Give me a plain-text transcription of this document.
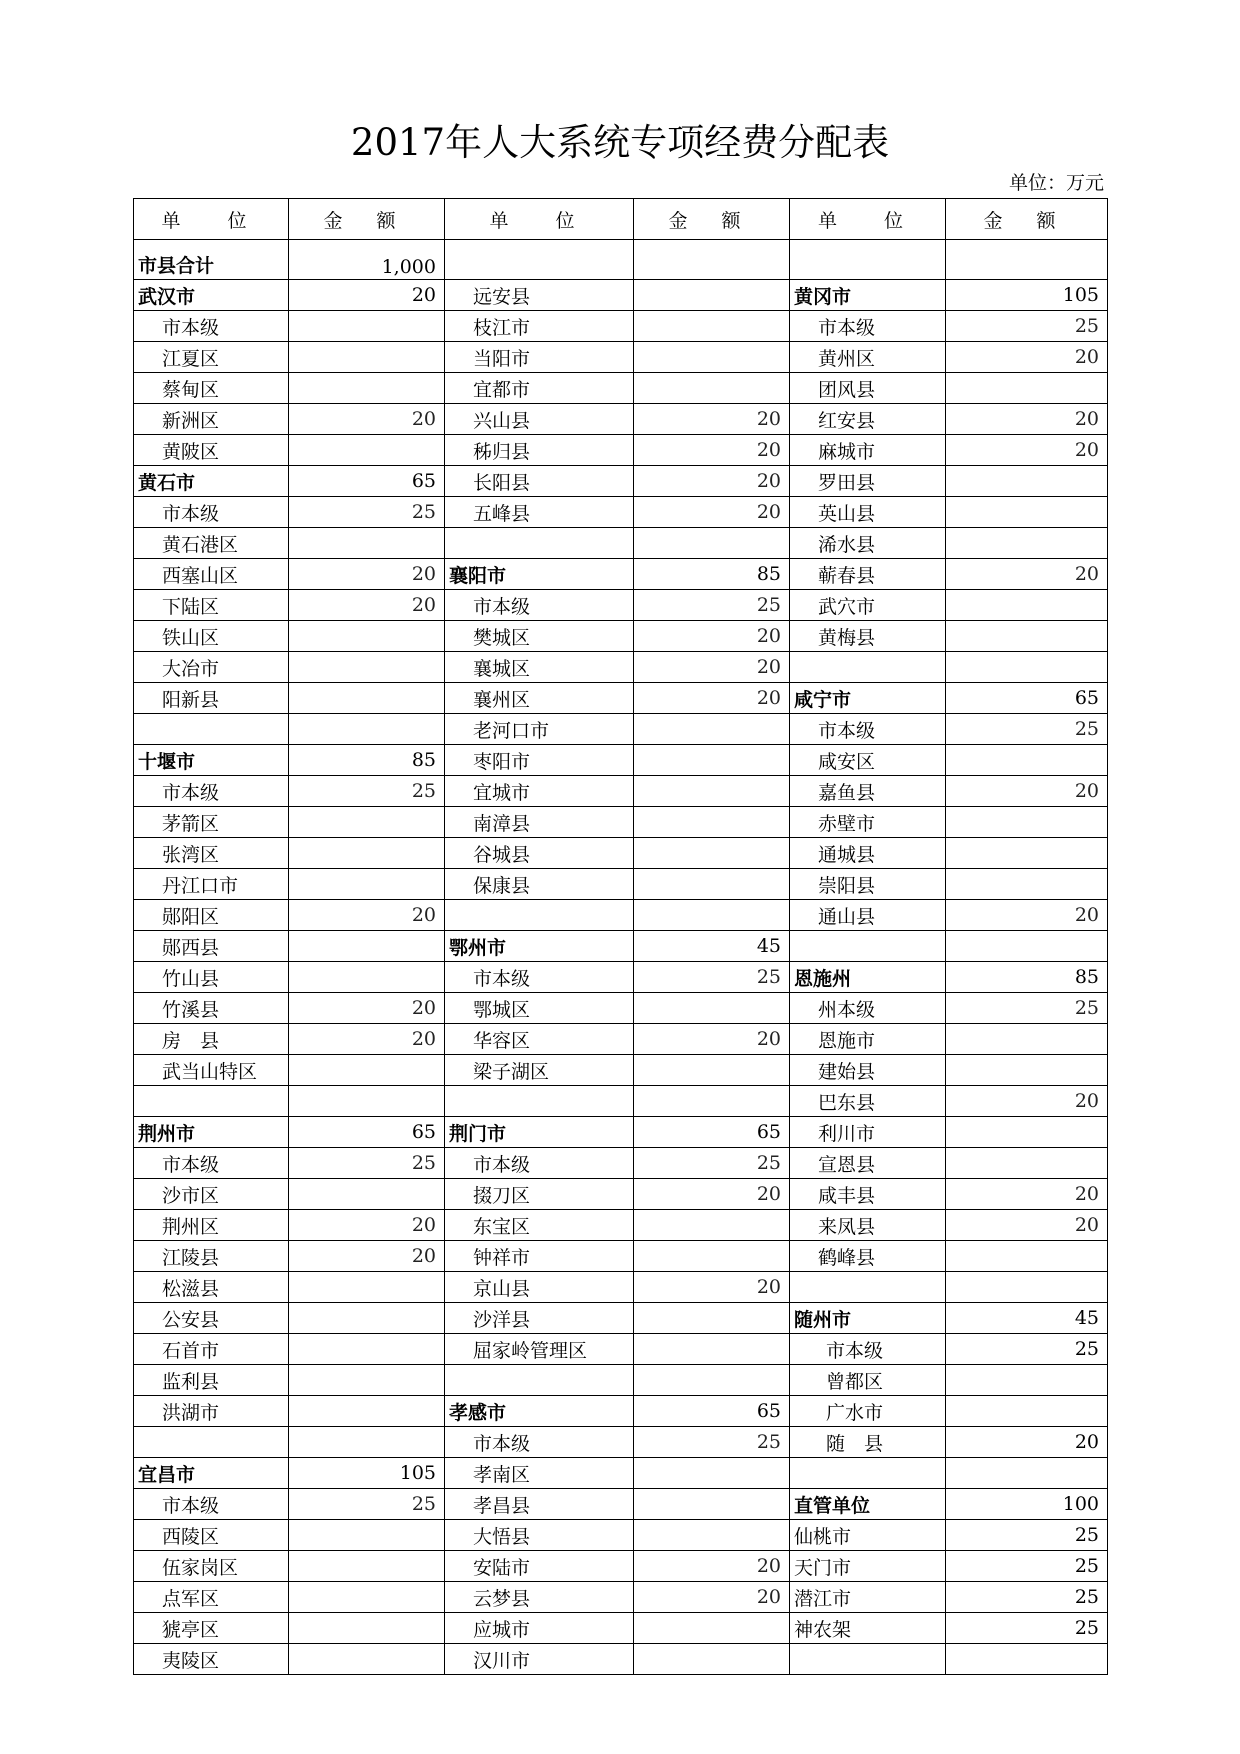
2017年人大系统专项经费分配表
单位：万元
单　位	金 额	单　位	金 额	单　位	金 额
市县合计	1,000				
武汉市	20	远安县		黄冈市	105
市本级		枝江市		市本级	25
江夏区		当阳市		黄州区	20
蔡甸区		宜都市		团风县	
新洲区	20	兴山县	20	红安县	20
黄陂区		秭归县	20	麻城市	20
黄石市	65	长阳县	20	罗田县	
市本级	25	五峰县	20	英山县	
黄石港区				浠水县	
西塞山区	20	襄阳市	85	蕲春县	20
下陆区	20	市本级	25	武穴市	
铁山区		樊城区	20	黄梅县	
大冶市		襄城区	20		
阳新县		襄州区	20	咸宁市	65
		老河口市		市本级	25
十堰市	85	枣阳市		咸安区	
市本级	25	宜城市		嘉鱼县	20
茅箭区		南漳县		赤壁市	
张湾区		谷城县		通城县	
丹江口市		保康县		崇阳县	
郧阳区	20			通山县	20
郧西县		鄂州市	45		
竹山县		市本级	25	恩施州	85
竹溪县	20	鄂城区		州本级	25
房　县	20	华容区	20	恩施市	
武当山特区		梁子湖区		建始县	
				巴东县	20
荆州市	65	荆门市	65	利川市	
市本级	25	市本级	25	宣恩县	
沙市区		掇刀区	20	咸丰县	20
荆州区	20	东宝区		来凤县	20
江陵县	20	钟祥市		鹤峰县	
松滋县		京山县	20		
公安县		沙洋县		随州市	45
石首市		屈家岭管理区		市本级	25
监利县				曾都区	
洪湖市		孝感市	65	广水市	
		市本级	25	随　县	20
宜昌市	105	孝南区			
市本级	25	孝昌县		直管单位	100
西陵区		大悟县		仙桃市	25
伍家岗区		安陆市	20	天门市	25
点军区		云梦县	20	潜江市	25
猇亭区		应城市		神农架	25
夷陵区		汉川市			
